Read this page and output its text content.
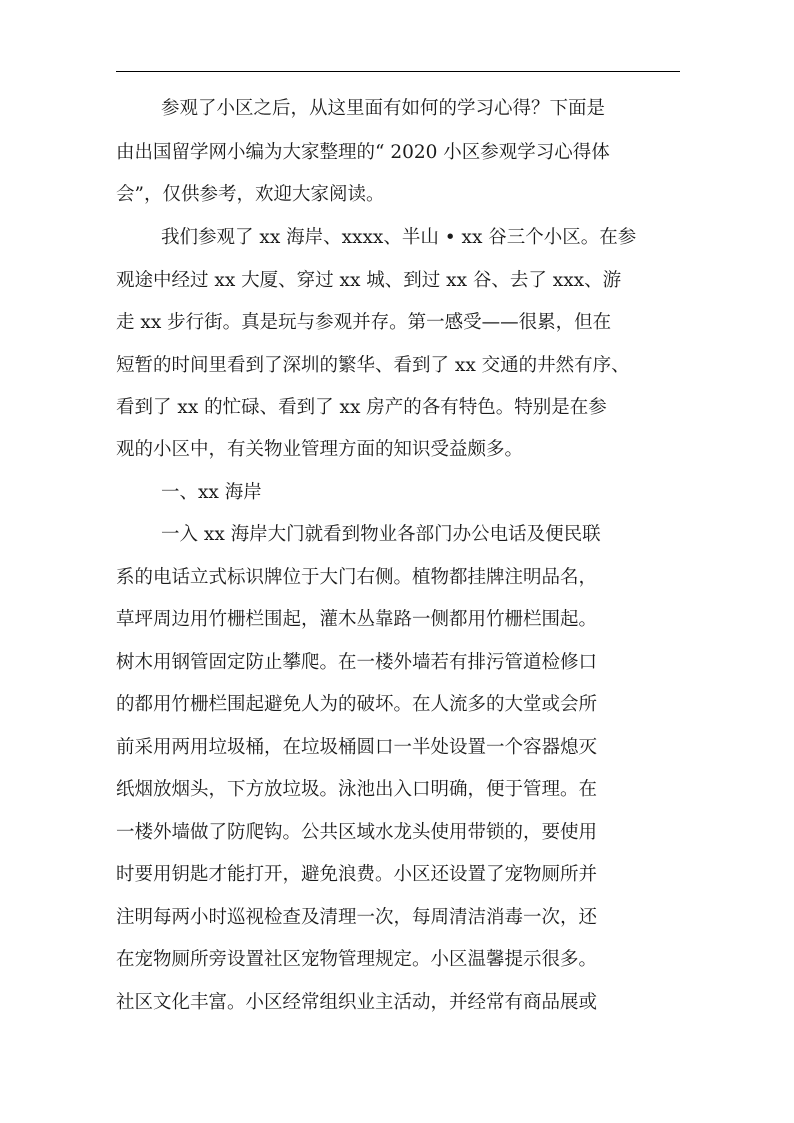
参观了小区之后，从这里面有如何的学习心得？下面是
由出国留学网小编为大家整理的“ 2020 小区参观学习心得体
会”，仅供参考，欢迎大家阅读。
我们参观了 xx 海岸、xxxx、半山 • xx 谷三个小区。在参
观途中经过 xx 大厦、穿过 xx 城、到过 xx 谷、去了 xxx、游
走 xx 步行街。真是玩与参观并存。第一感受——很累，但在
短暂的时间里看到了深圳的繁华、看到了 xx 交通的井然有序、
看到了 xx 的忙碌、看到了 xx 房产的各有特色。特别是在参
观的小区中，有关物业管理方面的知识受益颇多。
一、xx 海岸
一入 xx 海岸大门就看到物业各部门办公电话及便民联
系的电话立式标识牌位于大门右侧。植物都挂牌注明品名，
草坪周边用竹栅栏围起，灌木丛靠路一侧都用竹栅栏围起。
树木用钢管固定防止攀爬。在一楼外墙若有排污管道检修口
的都用竹栅栏围起避免人为的破坏。在人流多的大堂或会所
前采用两用垃圾桶，在垃圾桶圆口一半处设置一个容器熄灭
纸烟放烟头，下方放垃圾。泳池出入口明确，便于管理。在
一楼外墙做了防爬钩。公共区域水龙头使用带锁的，要使用
时要用钥匙才能打开，避免浪费。小区还设置了宠物厕所并
注明每两小时巡视检查及清理一次，每周清洁消毒一次，还
在宠物厕所旁设置社区宠物管理规定。小区温馨提示很多。
社区文化丰富。小区经常组织业主活动，并经常有商品展或
